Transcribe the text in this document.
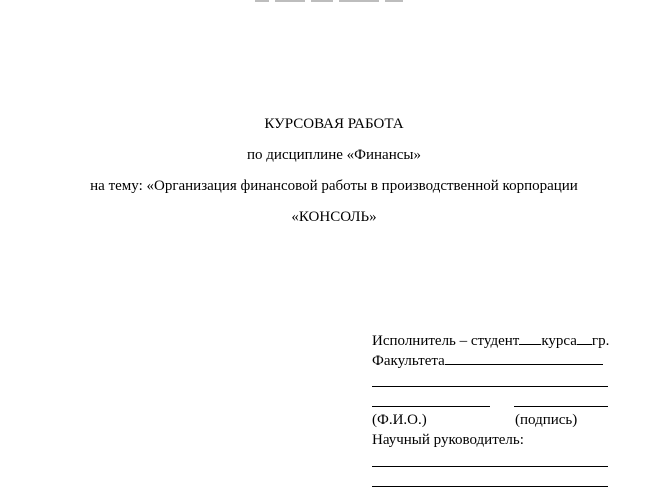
КУРСОВАЯ РАБОТА
по дисциплине «Финансы»
на тему: «Организация финансовой работы в производственной корпорации
«КОНСОЛЬ»
Исполнитель – студент курса гр.
Факультета
(Ф.И.О.)	(подпись)
Научный руководитель:
